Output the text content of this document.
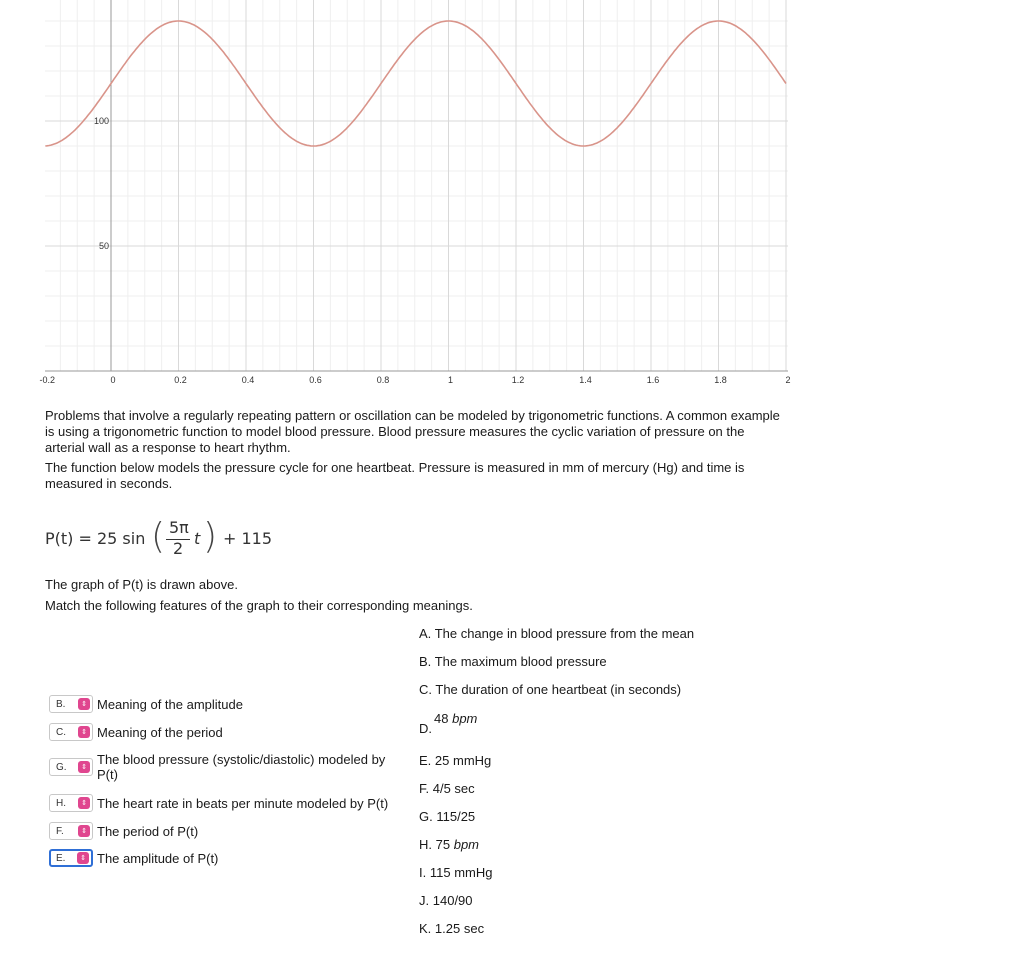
-0.2	0	0.2	0.4	0.6	0.8	1	1.2	1.4	1.6	1.8	2
50
100

Problems that involve a regularly repeating pattern or oscillation can be modeled by trigonometric functions. A common example is using a trigonometric function to model blood pressure. Blood pressure measures the cyclic variation of pressure on the arterial wall as a response to heart rhythm.

The function below models the pressure cycle for one heartbeat. Pressure is measured in mm of mercury (Hg) and time is measured in seconds.

P(t) = 25 sin ( 5π
2
t ) + 115

The graph of P(t) is drawn above.

Match the following features of the graph to their corresponding meanings.

B.	⇕ Meaning of the amplitude
C.	⇕ Meaning of the period
G.	⇕ The blood pressure (systolic/diastolic) modeled by P(t)
H.	⇕ The heart rate in beats per minute modeled by P(t)
F.	⇕ The period of P(t)
E.	⇕ The amplitude of P(t)
A. The change in blood pressure from the mean
B. The maximum blood pressure
C. The duration of one heartbeat (in seconds)
D.
48 bpm
E. 25 mmHg
F. 4/5 sec
G. 115/25
H. 75 bpm
I. 115 mmHg
J. 140/90
K. 1.25 sec
